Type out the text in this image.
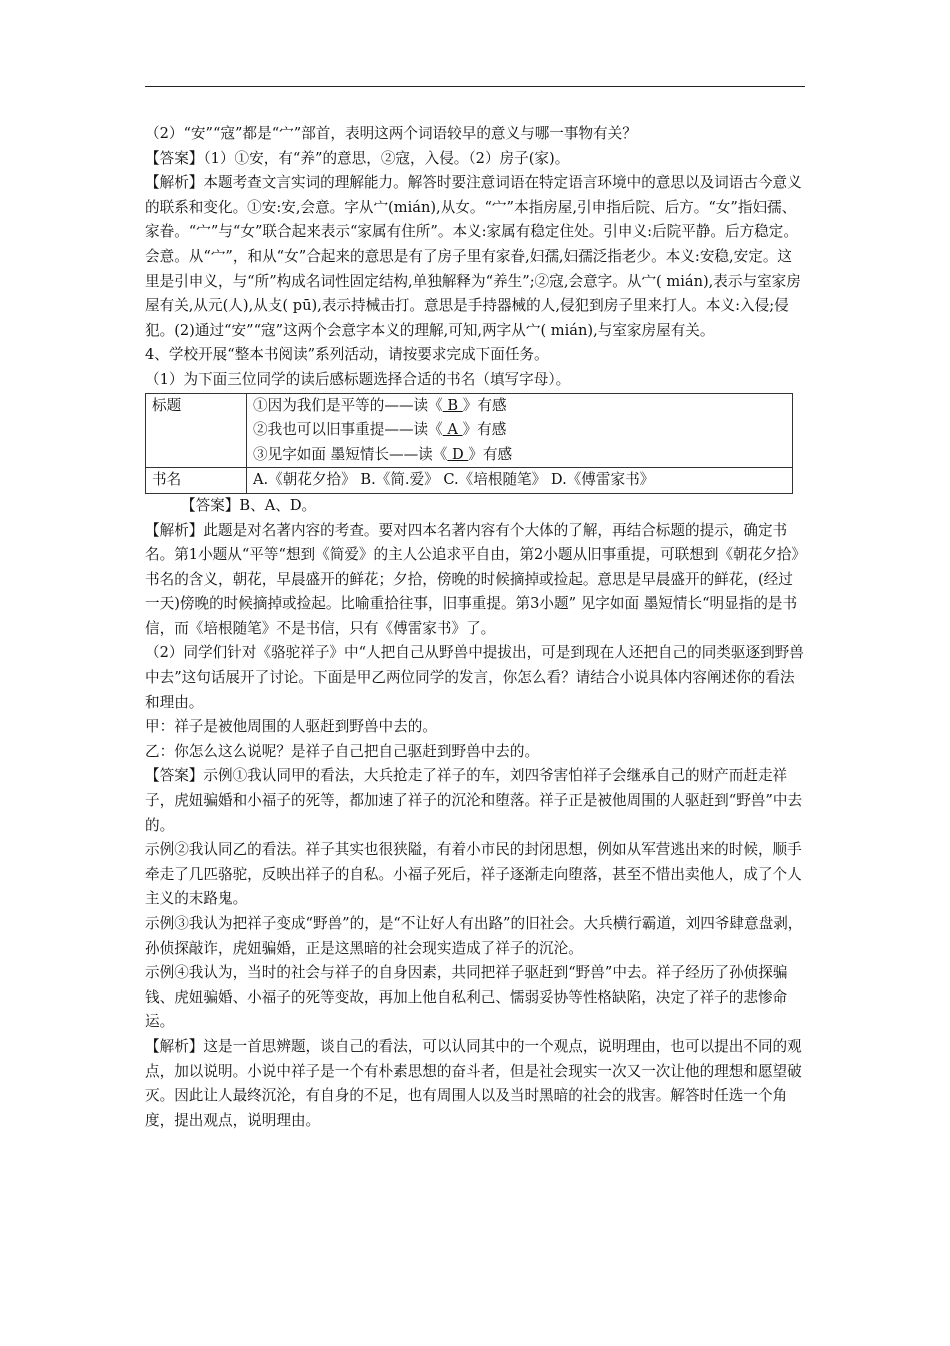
（2）“安”“寇”都是“宀”部首，表明这两个词语较早的意义与哪一事物有关？

【答案】（1）①安，有“养”的意思，②寇，入侵。（2）房子(家)。

【解析】本题考查文言实词的理解能力。解答时要注意词语在特定语言环境中的意思以及词语古今意义的联系和变化。①安:安,会意。字从宀(mián),从女。“宀”本指房屋,引申指后院、后方。“女”指妇孺、家眷。“宀”与“女”联合起来表示“家属有住所”。本义:家属有稳定住处。引申义:后院平静。后方稳定。会意。从“宀”，和从“女”合起来的意思是有了房子里有家眷,妇孺,妇孺泛指老少。本义:安稳,安定。这里是引申义，与“所”构成名词性固定结构,单独解释为“养生”;②寇,会意字。从宀( mián),表示与室家房屋有关,从元(人),从攴( pū),表示持械击打。意思是手持器械的人,侵犯到房子里来打人。本义:入侵;侵犯。(2)通过“安”“寇”这两个会意字本义的理解,可知,两字从宀( mián),与室家房屋有关。

4、学校开展“整本书阅读”系列活动，请按要求完成下面任务。

（1）为下面三位同学的读后感标题选择合适的书名（填写字母）。

标题	①因为我们是平等的——读《 B 》有感
②我也可以旧事重提——读《 A 》有感
③见字如面 墨短情长——读《 D 》有感

书名	A.《朝花夕拾》 B.《简.爱》 C.《培根随笔》 D.《傅雷家书》

【答案】B、A、D。

【解析】此题是对名著内容的考查。要对四本名著内容有个大体的了解，再结合标题的提示，确定书名。第1小题从“平等“想到《简爱》的主人公追求平自由，第2小题从旧事重提，可联想到《朝花夕拾》书名的含义，朝花，早晨盛开的鲜花；夕拾，傍晚的时候摘掉或捡起。意思是早晨盛开的鲜花，(经过一天)傍晚的时候摘掉或捡起。比喻重拾往事，旧事重提。第3小题” 见字如面 墨短情长“明显指的是书信，而《培根随笔》不是书信，只有《傅雷家书》了。

（2）同学们针对《骆驼祥子》中“人把自己从野兽中提拔出，可是到现在人还把自己的同类驱逐到野兽中去”这句话展开了讨论。下面是甲乙两位同学的发言，你怎么看？请结合小说具体内容阐述你的看法和理由。

甲：祥子是被他周围的人驱赶到野兽中去的。

乙：你怎么这么说呢？是祥子自己把自己驱赶到野兽中去的。

【答案】示例①我认同甲的看法，大兵抢走了祥子的车，刘四爷害怕祥子会继承自己的财产而赶走祥子，虎妞骗婚和小福子的死等，都加速了祥子的沉沦和堕落。祥子正是被他周围的人驱赶到“野兽”中去的。

示例②我认同乙的看法。祥子其实也很狭隘，有着小市民的封闭思想，例如从军营逃出来的时候，顺手牵走了几匹骆驼，反映出祥子的自私。小福子死后，祥子逐渐走向堕落，甚至不惜出卖他人，成了个人主义的末路鬼。

示例③我认为把祥子变成“野兽”的，是“不让好人有出路”的旧社会。大兵横行霸道，刘四爷肆意盘剥，孙侦探敲诈，虎妞骗婚，正是这黑暗的社会现实造成了祥子的沉沦。

示例④我认为，当时的社会与祥子的自身因素，共同把祥子驱赶到“野兽”中去。祥子经历了孙侦探骗钱、虎妞骗婚、小福子的死等变故，再加上他自私利己、懦弱妥协等性格缺陷，决定了祥子的悲惨命运。

【解析】这是一首思辨题，谈自己的看法，可以认同其中的一个观点，说明理由，也可以提出不同的观点，加以说明。小说中祥子是一个有朴素思想的奋斗者，但是社会现实一次又一次让他的理想和愿望破灭。因此让人最终沉沦，有自身的不足，也有周围人以及当时黑暗的社会的戕害。解答时任选一个角度，提出观点，说明理由。
